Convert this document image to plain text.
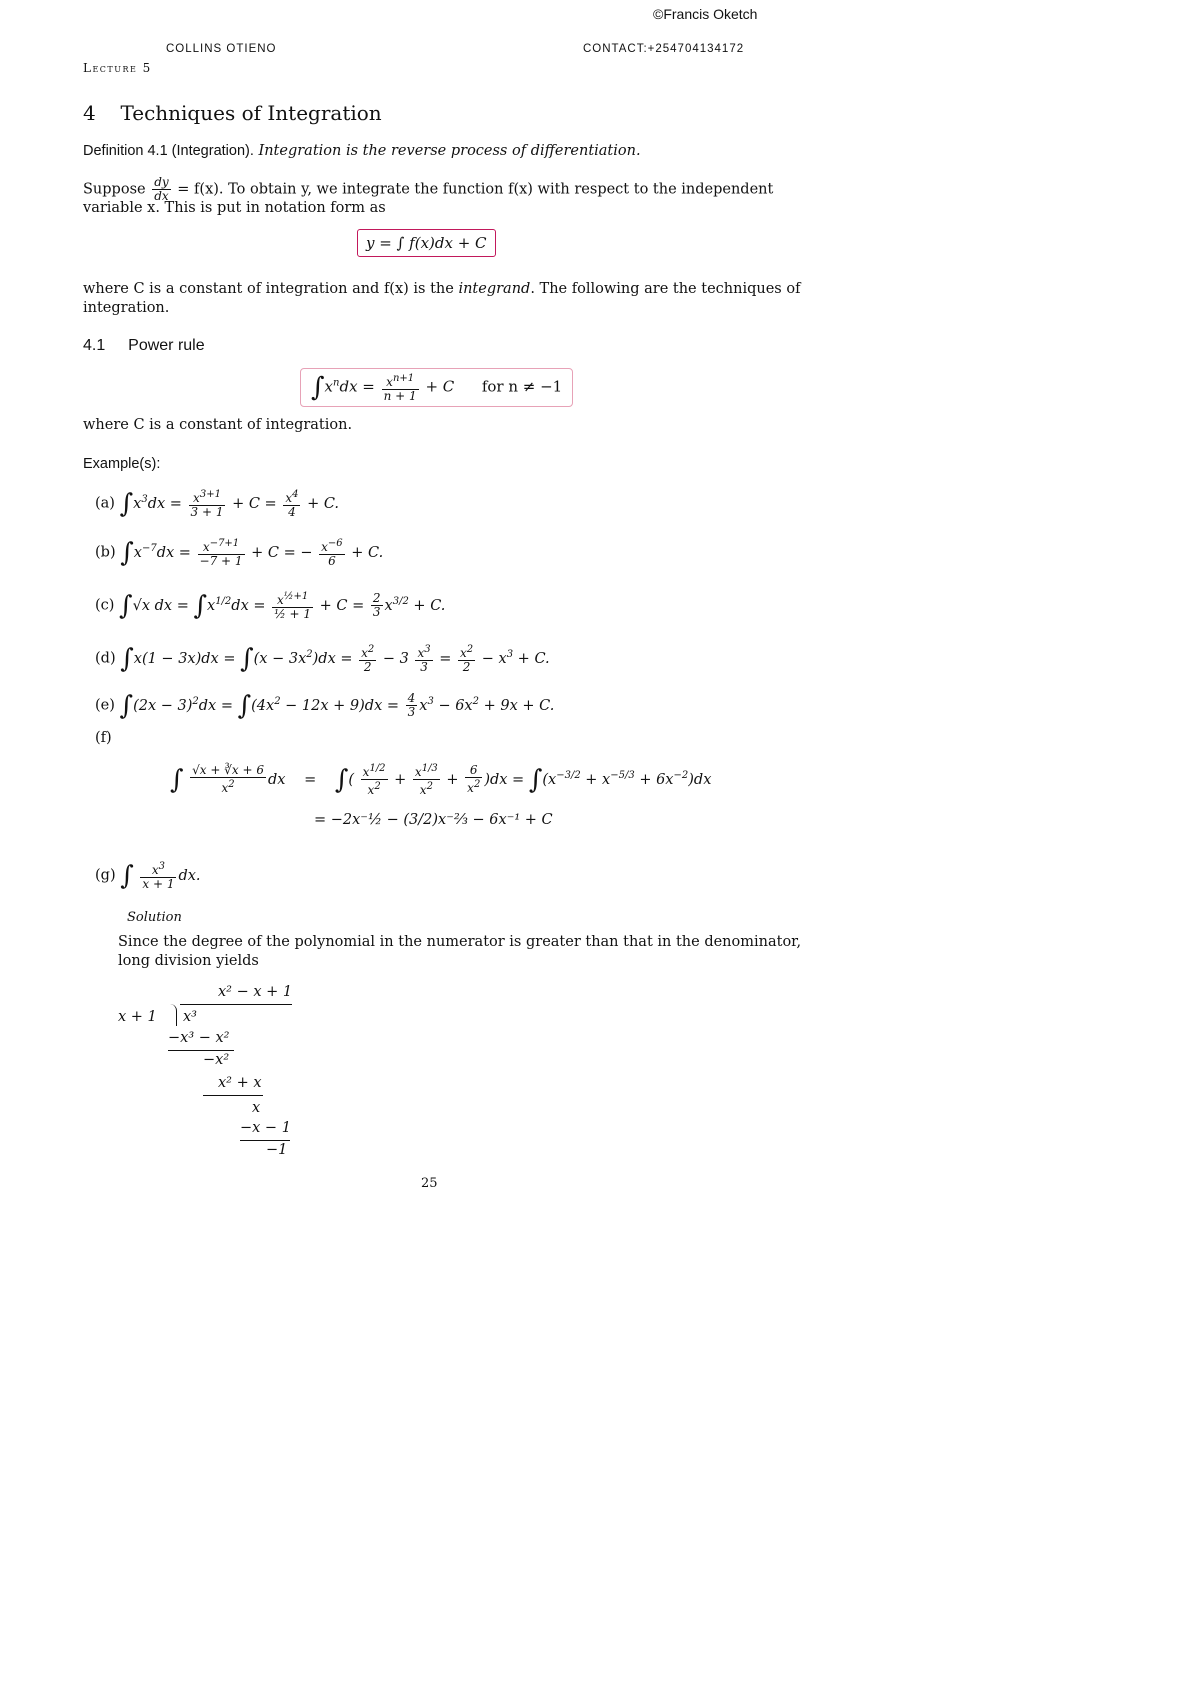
©Francis Oketch
COLLINS OTIENO	CONTACT:+254704134172
Lecture 5
4 Techniques of Integration
Definition 4.1 (Integration). Integration is the reverse process of differentiation.
Suppose $\frac{dy}{dx} = f(x)$. To obtain y, we integrate the function f(x) with respect to the independent
variable x. This is put in notation form as
y = ∫ f(x)dx + C
where C is a constant of integration and f(x) is the integrand. The following are the techniques of
integration.
4.1 Power rule
$\int x^ndx = \frac{x^{n+1}}{n + 1} + C$  for n ≠ −1
where C is a constant of integration.
Example(s):
(a) $\int x^3dx = \frac{x^{3+1}}{3 + 1} + C = \frac{x^4}{4} + C$.
(b) $\int x^{-7}dx = \frac{x^{-7+1}}{-7 + 1} + C$ = − $\frac{x^{-6}}{6} + C$.
(c) ∫√x dx = $\int x^{1/2}dx = \frac{x^{\frac{1}{2}+1}}{\text{½ + 1}} + C = \frac{2}{3} x^{3/2} + C$.
(d) $\int x(1 - 3x)dx = \int(x - 3x^2)dx = \frac{x^2}{2} - 3 \frac{x^3}{3} = \frac{x^2}{2} - x^3 + C$.
(e) $\int(2x - 3)^2dx = \int(4x^2 - 12x + 9)dx = \frac{4}{3} x^3 - 6x^2 + 9x + C$.
(f)
∫ $\frac{√x + ∛x + 6}{x^2}$ dx = ∫( $\frac{x^{1/2}}{x^2} + \frac{x^{1/3}}{x^2} + \frac{6}{x^2} )dx = \int(x^{-3/2} + x^{-5/3} + 6x^{-2})dx$
= −2x⁻½ − (3/2)x⁻⅔ − 6x⁻¹ + C
(g) ∫ $\frac{x^3}{x + 1}$ dx.
Solution
Since the degree of the polynomial in the numerator is greater than that in the denominator,
long division yields
x² − x + 1
x + 1 x³
−x³ − x²
−x²
x² + x
x
−x − 1
−1
25
